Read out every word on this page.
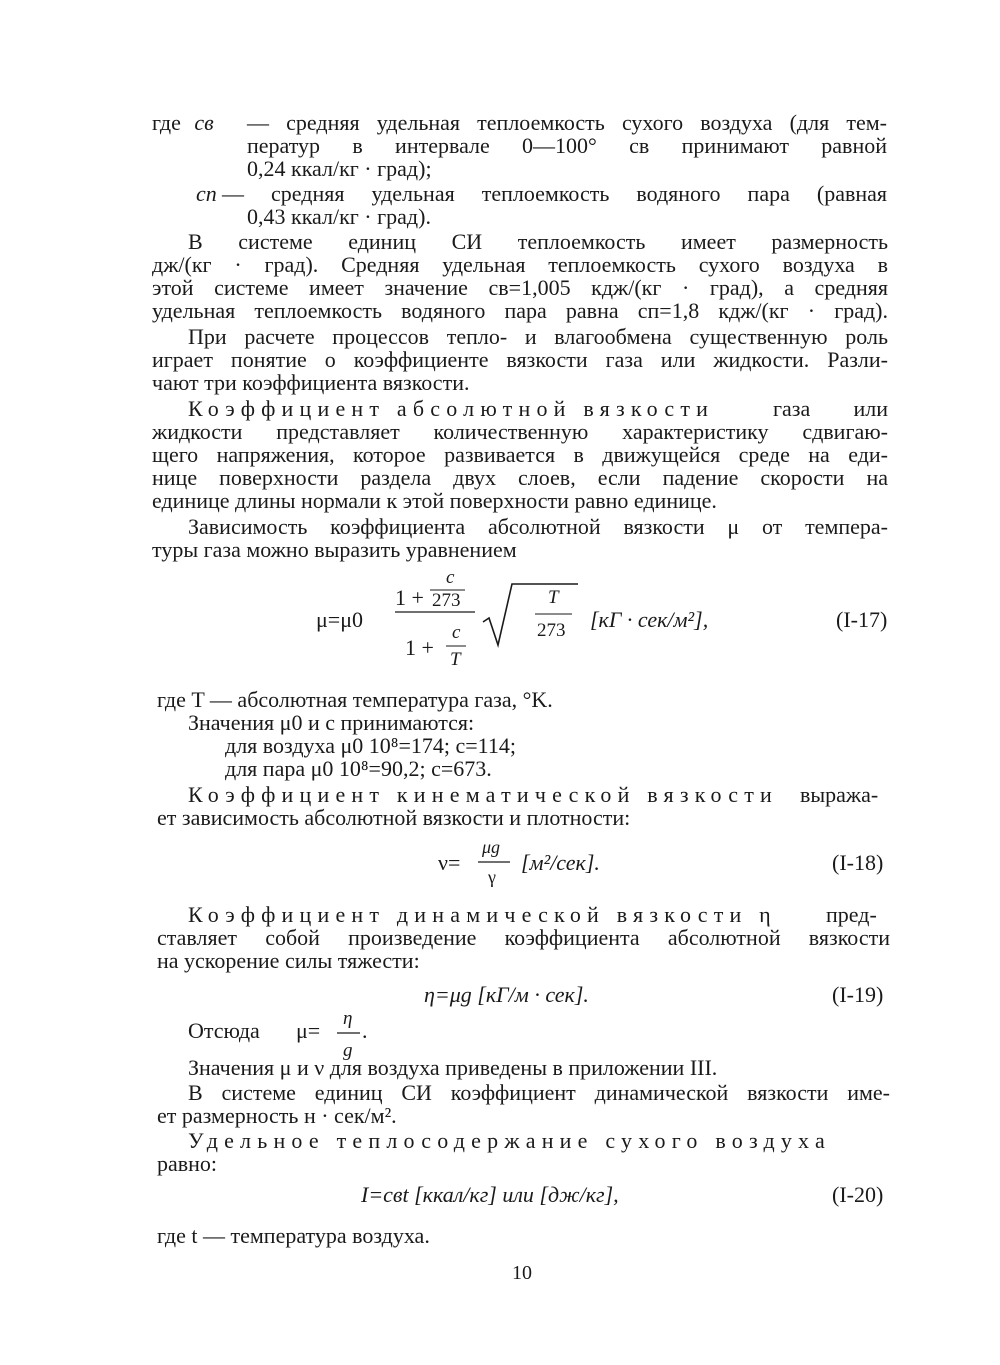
где cв — средняя удельная теплоемкость сухого воздуха (для тем-
ператур в интервале 0—100° cв принимают равной
0,24 ккал/кг · град);
cп — средняя удельная теплоемкость водяного пара (равная
0,43 ккал/кг · град).
В системе единиц СИ теплоемкость имеет размерность
дж/(кг · град). Средняя удельная теплоемкость сухого воздуха в
этой системе имеет значение cв=1,005 кдж/(кг · град), а средняя
удельная теплоемкость водяного пара равна cп=1,8 кдж/(кг · град).
При расчете процессов тепло- и влагообмена существенную роль
играет понятие о коэффициенте вязкости газа или жидкости. Разли-
чают три коэффициента вязкости.
Коэффициент абсолютной вязкости	газа или
жидкости представляет количественную характеристику сдвигаю-
щего напряжения, которое развивается в движущейся среде на еди-
нице поверхности раздела двух слоев, если падение скорости на
единице длины нормали к этой поверхности равно единице.
Зависимость коэффициента абсолютной вязкости μ от темпера-
туры газа можно выразить уравнением
μ=μ0
1 +
c
273
1 +
c
T
T
273 [кГ · сек/м²],	(I-17)
где T — абсолютная температура газа, °K.
Значения μ0 и c принимаются:
для воздуха μ0 10⁸=174; c=114;
для пара μ0 10⁸=90,2; c=673.
Коэффициент кинематической вязкости выража-
ет зависимость абсолютной вязкости и плотности:
ν=
μg
γ
[м²/сек].	(I-18)
Коэффициент динамической вязкости η пред-
ставляет собой произведение коэффициента абсолютной вязкости
на ускорение силы тяжести:
η=μg [кГ/м · сек].	(I-19)
Отсюда μ= η
g
.
Значения μ и ν для воздуха приведены в приложении III.
В системе единиц СИ коэффициент динамической вязкости име-
ет размерность н · сек/м².
Удельное теплосодержание сухого воздуха
равно:
I=cвt [ккал/кг] или [дж/кг],	(I-20)
где t — температура воздуха.
10
